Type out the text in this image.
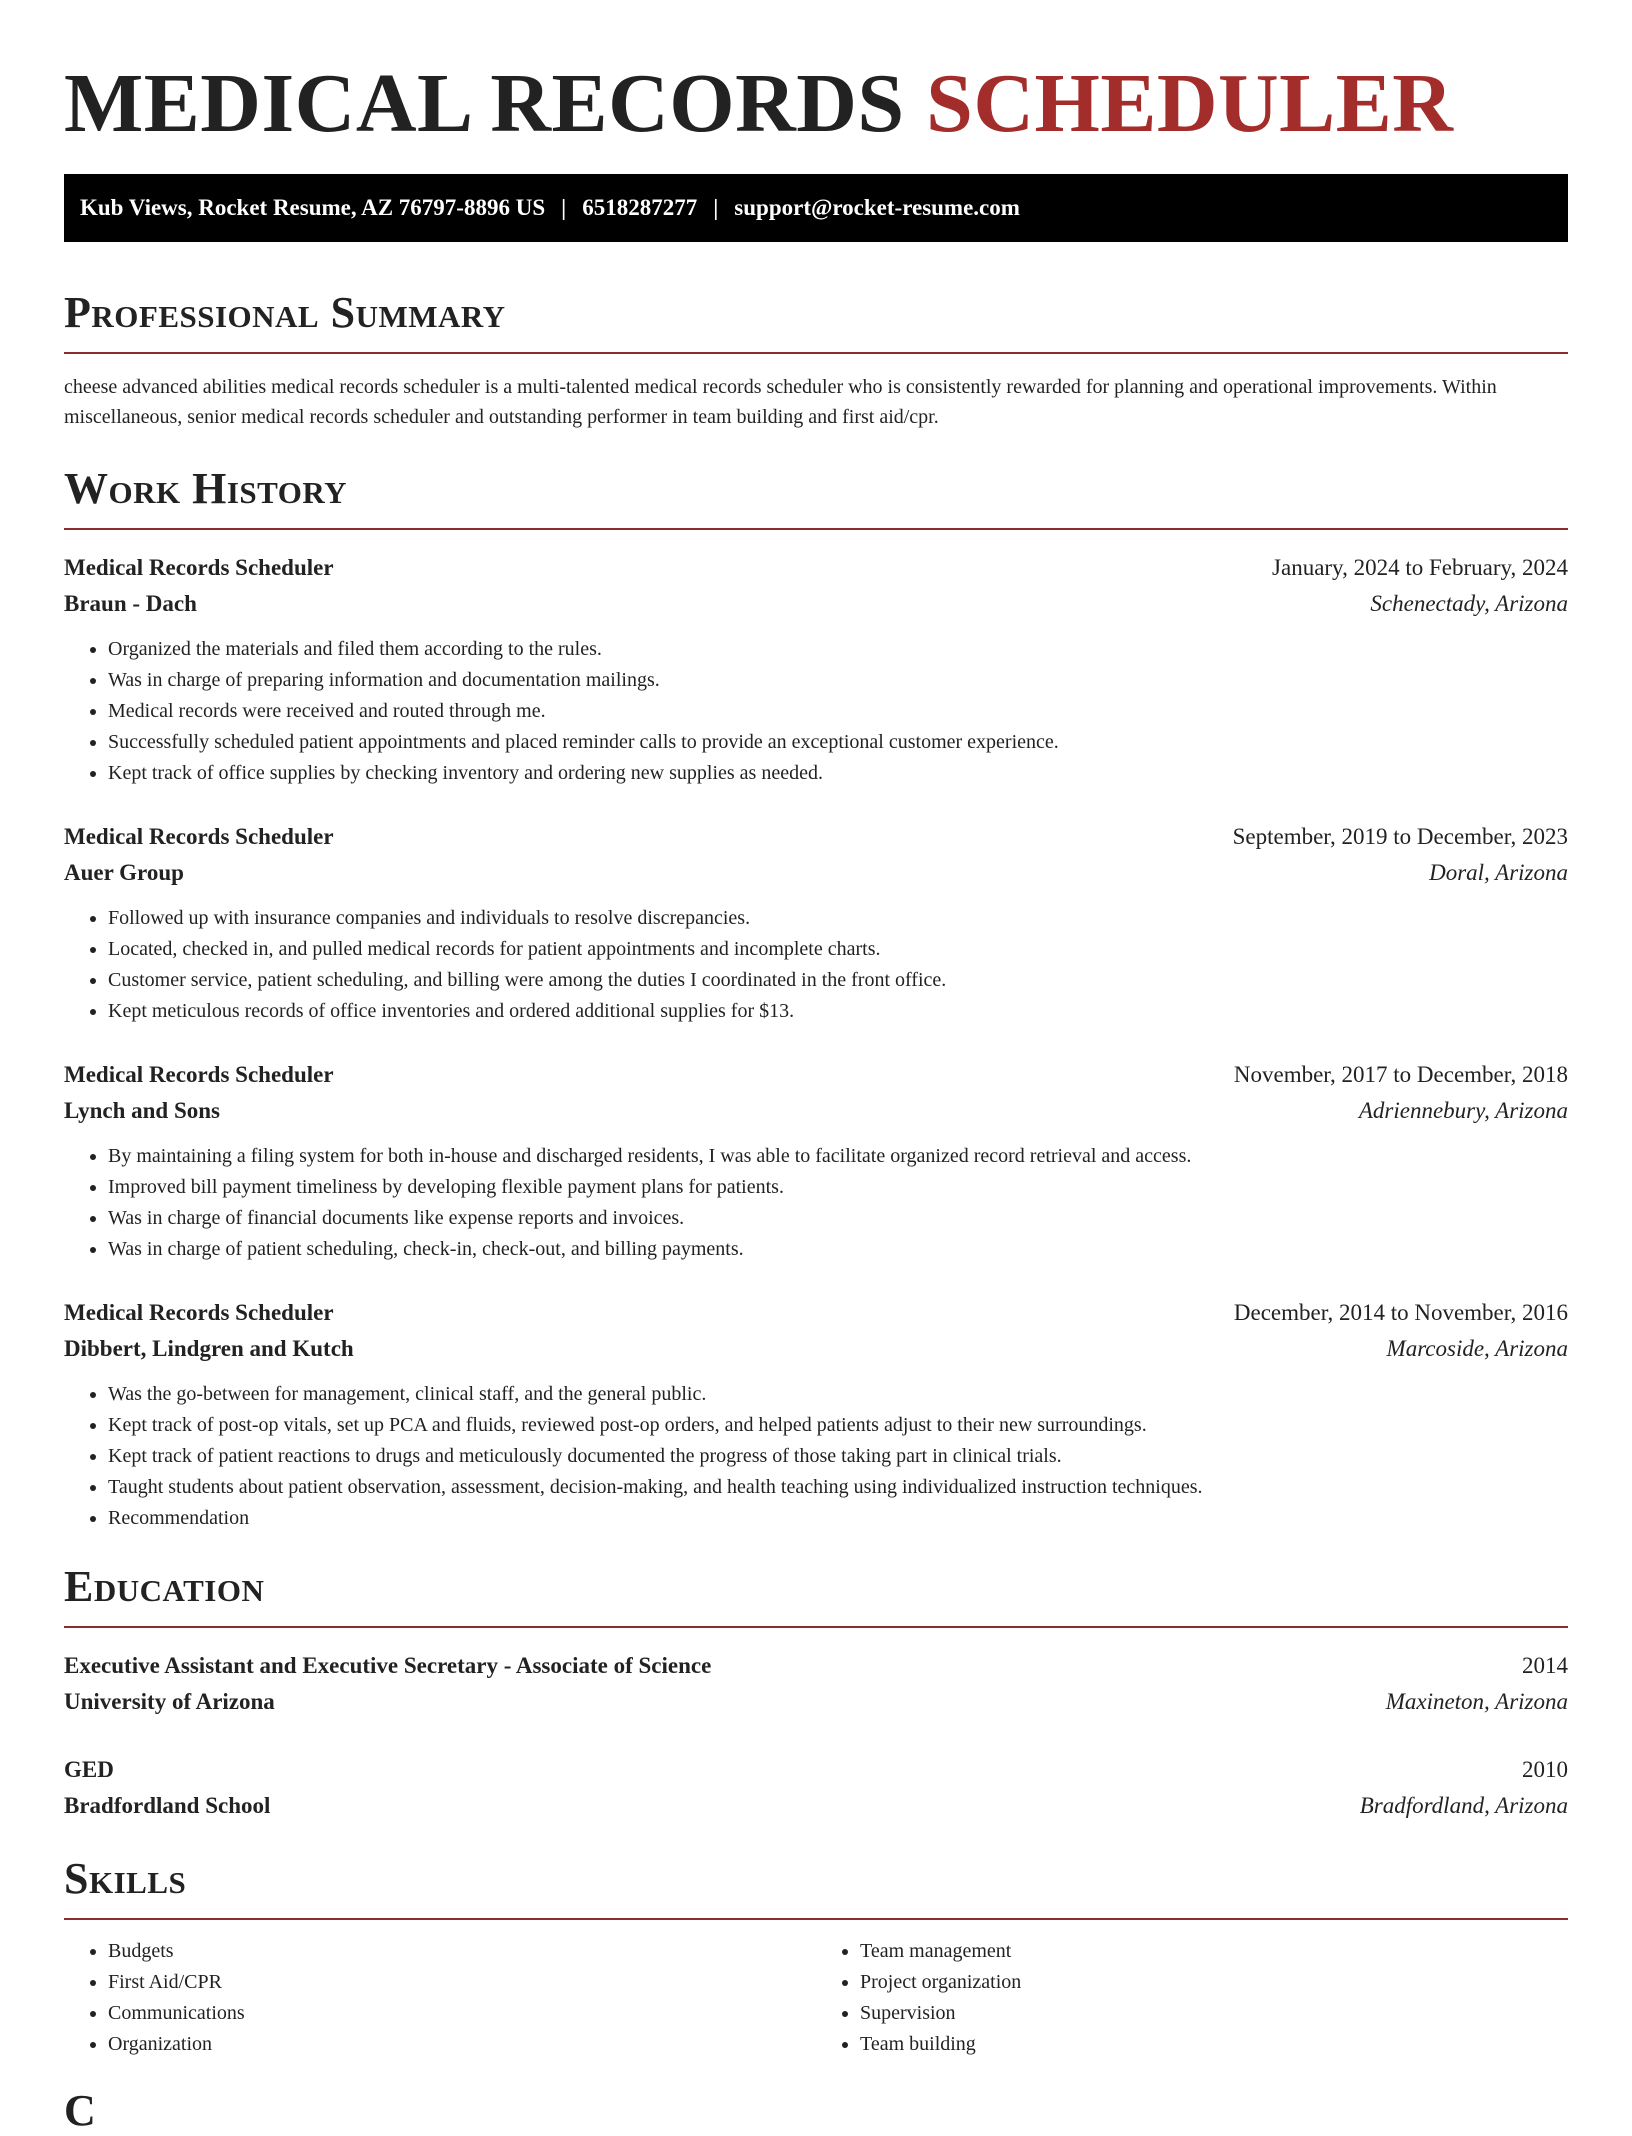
MEDICAL RECORDS SCHEDULER
Kub Views, Rocket Resume, AZ 76797-8896 US | 6518287277 | support@rocket-resume.com
Professional Summary

cheese advanced abilities medical records scheduler is a multi-talented medical records scheduler who is consistently rewarded for planning and operational improvements. Within miscellaneous, senior medical records scheduler and outstanding performer in team building and first aid/cpr.

Work History
Medical Records Scheduler	January, 2024 to February, 2024
Braun - Dach	Schenectady, Arizona
• Organized the materials and filed them according to the rules.
• Was in charge of preparing information and documentation mailings.
• Medical records were received and routed through me.
• Successfully scheduled patient appointments and placed reminder calls to provide an exceptional customer experience.
• Kept track of office supplies by checking inventory and ordering new supplies as needed.
Medical Records Scheduler	September, 2019 to December, 2023
Auer Group	Doral, Arizona
• Followed up with insurance companies and individuals to resolve discrepancies.
• Located, checked in, and pulled medical records for patient appointments and incomplete charts.
• Customer service, patient scheduling, and billing were among the duties I coordinated in the front office.
• Kept meticulous records of office inventories and ordered additional supplies for $13.
Medical Records Scheduler	November, 2017 to December, 2018
Lynch and Sons	Adriennebury, Arizona
• By maintaining a filing system for both in-house and discharged residents, I was able to facilitate organized record retrieval and access.
• Improved bill payment timeliness by developing flexible payment plans for patients.
• Was in charge of financial documents like expense reports and invoices.
• Was in charge of patient scheduling, check-in, check-out, and billing payments.
Medical Records Scheduler	December, 2014 to November, 2016
Dibbert, Lindgren and Kutch	Marcoside, Arizona
• Was the go-between for management, clinical staff, and the general public.
• Kept track of post-op vitals, set up PCA and fluids, reviewed post-op orders, and helped patients adjust to their new surroundings.
• Kept track of patient reactions to drugs and meticulously documented the progress of those taking part in clinical trials.
• Taught students about patient observation, assessment, decision-making, and health teaching using individualized instruction techniques.
• Recommendation
Education
Executive Assistant and Executive Secretary - Associate of Science	2014
University of Arizona	Maxineton, Arizona
GED	2010
Bradfordland School	Bradfordland, Arizona
Skills
• Budgets
• First Aid/CPR
• Communications
• Organization
• Team management
• Project organization
• Supervision
• Team building
C
